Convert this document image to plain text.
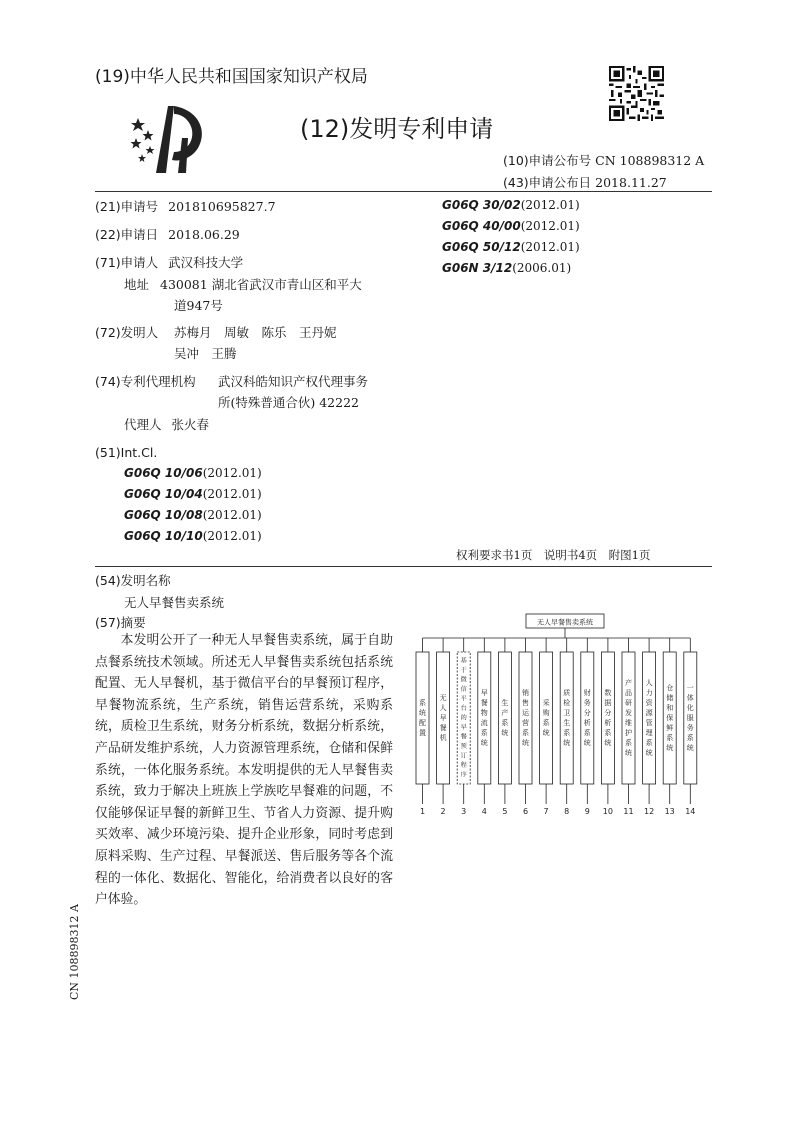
(19)中华人民共和国国家知识产权局
(12)发明专利申请
(10)申请公布号 CN 108898312 A
(43)申请公布日 2018.11.27
(21)申请号 201810695827.7
(22)申请日 2018.06.29
(71)申请人 武汉科技大学
地址 430081 湖北省武汉市青山区和平大
道947号
(72)发明人 苏梅月　周敏　陈乐　王丹妮
吴冲　王腾
(74)专利代理机构 武汉科皓知识产权代理事务
所(特殊普通合伙) 42222
代理人 张火春
(51)Int.Cl.
G06Q 10/06(2012.01)
G06Q 10/04(2012.01)
G06Q 10/08(2012.01)
G06Q 10/10(2012.01)
G06Q 30/02(2012.01)
G06Q 40/00(2012.01)
G06Q 50/12(2012.01)
G06N 3/12(2006.01)
权利要求书1页　说明书4页　附图1页
(54)发明名称
无人早餐售卖系统
(57)摘要
本发明公开了一种无人早餐售卖系统，属于自助点餐系统技术领域。所述无人早餐售卖系统包括系统配置、无人早餐机，基于微信平台的早餐预订程序，早餐物流系统，生产系统，销售运营系统，采购系统，质检卫生系统，财务分析系统，数据分析系统，产品研发维护系统，人力资源管理系统，仓储和保鲜系统，一体化服务系统。本发明提供的无人早餐售卖系统，致力于解决上班族上学族吃早餐难的问题，不仅能够保证早餐的新鲜卫生、节省人力资源、提升购买效率、减少环境污染、提升企业形象，同时考虑到原料采购、生产过程、早餐派送、售后服务等各个流程的一体化、数据化、智能化，给消费者以良好的客户体验。
无人早餐售卖系统
系统配置
1
无人早餐机
2
基于微信平台的早餐预订程序
3
早餐物流系统
4
生产系统
5
销售运营系统
6
采购系统
7
质检卫生系统
8
财务分析系统
9
数据分析系统
10
产品研发维护系统
11
人力资源管理系统
12
仓储和保鲜系统
13
一体化服务系统
14
CN 108898312 A
